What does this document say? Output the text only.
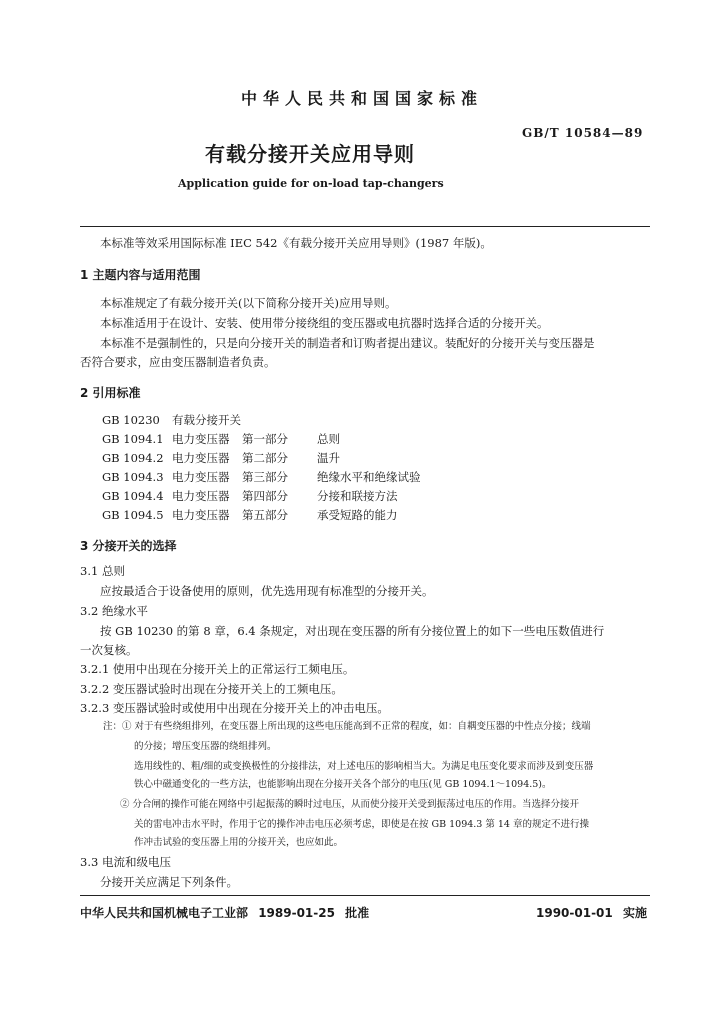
中华人民共和国国家标准
GB/T 10584—89
有载分接开关应用导则
Application guide for on-load tap-changers
本标准等效采用国际标准 IEC 542《有载分接开关应用导则》(1987 年版)。
1 主题内容与适用范围
本标准规定了有载分接开关(以下简称分接开关)应用导则。
本标准适用于在设计、安装、使用带分接绕组的变压器或电抗器时选择合适的分接开关。
本标准不是强制性的，只是向分接开关的制造者和订购者提出建议。装配好的分接开关与变压器是
否符合要求，应由变压器制造者负责。
2 引用标准
GB 10230 有载分接开关
GB 1094.1 电力变压器 第一部分	总则
GB 1094.2 电力变压器 第二部分	温升
GB 1094.3 电力变压器 第三部分	绝缘水平和绝缘试验
GB 1094.4 电力变压器 第四部分	分接和联接方法
GB 1094.5 电力变压器 第五部分	承受短路的能力
3 分接开关的选择
3.1 总则
应按最适合于设备使用的原则，优先选用现有标准型的分接开关。
3.2 绝缘水平
按 GB 10230 的第 8 章，6.4 条规定，对出现在变压器的所有分接位置上的如下一些电压数值进行
一次复核。
3.2.1 使用中出现在分接开关上的正常运行工频电压。
3.2.2 变压器试验时出现在分接开关上的工频电压。
3.2.3 变压器试验时或使用中出现在分接开关上的冲击电压。
注：① 对于有些绕组排列，在变压器上所出现的这些电压能高到不正常的程度，如：自耦变压器的中性点分接；线端
的分接；增压变压器的绕组排列。
选用线性的、粗/细的或变换极性的分接排法，对上述电压的影响相当大。为满足电压变化要求而涉及到变压器
铁心中磁通变化的一些方法，也能影响出现在分接开关各个部分的电压(见 GB 1094.1～1094.5)。
② 分合闸的操作可能在网络中引起振荡的瞬时过电压，从而使分接开关受到振荡过电压的作用。当选择分接开
关的雷电冲击水平时，作用于它的操作冲击电压必须考虑，即使是在按 GB 1094.3 第 14 章的规定不进行操
作冲击试验的变压器上用的分接开关，也应如此。
3.3 电流和级电压
分接开关应满足下列条件。
中华人民共和国机械电子工业部 1989-01-25 批准	1990-01-01 实施
